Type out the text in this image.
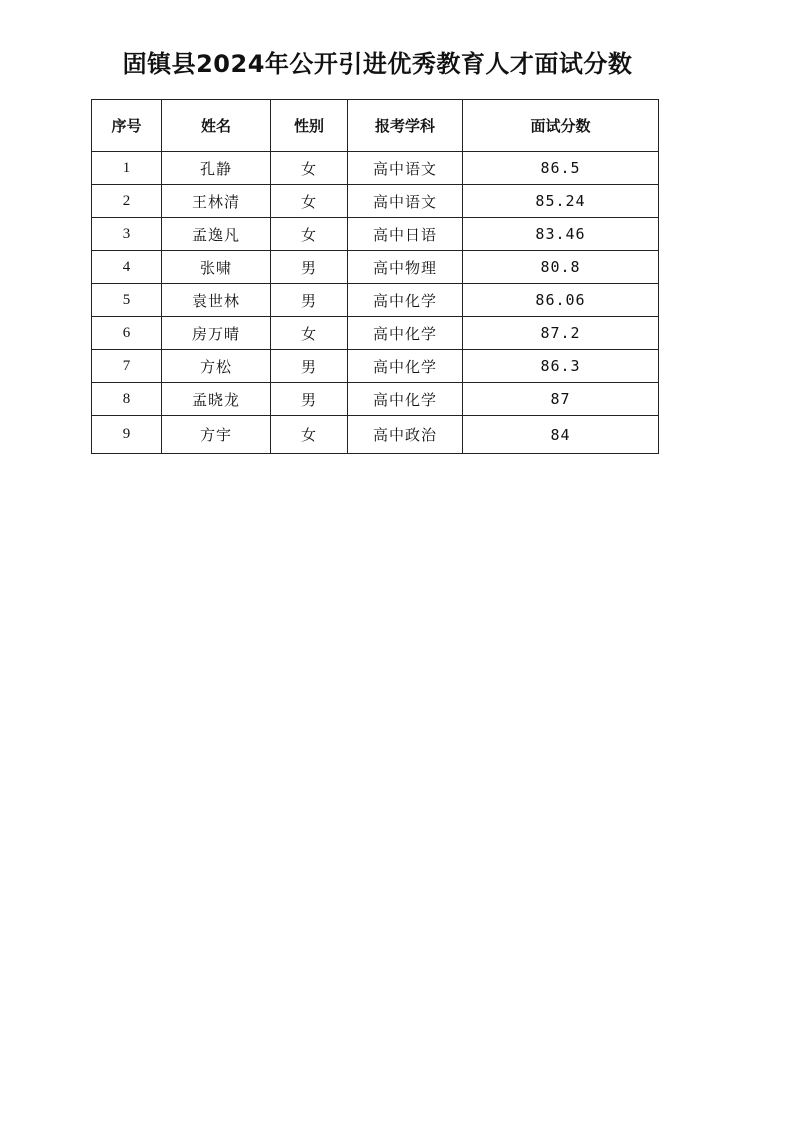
固镇县2024年公开引进优秀教育人才面试分数
序号	姓名	性别	报考学科	面试分数
1	孔静	女	高中语文	86.5
2	王林清	女	高中语文	85.24
3	孟逸凡	女	高中日语	83.46
4	张啸	男	高中物理	80.8
5	袁世林	男	高中化学	86.06
6	房万晴	女	高中化学	87.2
7	方松	男	高中化学	86.3
8	孟晓龙	男	高中化学	87
9	方宇	女	高中政治	84
